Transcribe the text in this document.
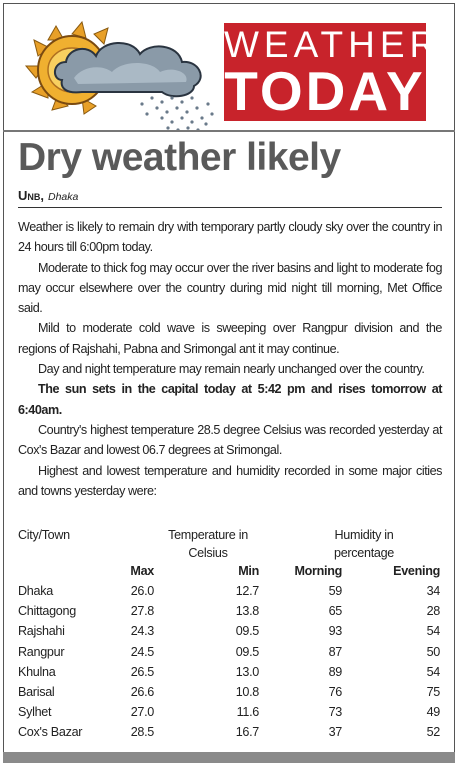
WEATHER
TODAY
Dry weather likely
Unb, Dhaka

Weather is likely to remain dry with temporary partly cloudy sky over the country in 24 hours till 6:00pm today.

Moderate to thick fog may occur over the river basins and light to moderate fog may occur elsewhere over the country during mid night till morning, Met Office said.

Mild to moderate cold wave is sweeping over Rangpur division and the regions of Rajshahi, Pabna and Srimongal ant it may continue.

Day and night temperature may remain nearly unchanged over the country.

The sun sets in the capital today at 5:42 pm and rises tomorrow at 6:40am.

Country's highest temperature 28.5 degree Celsius was recorded yesterday at Cox's Bazar and lowest 06.7 degrees at Srimongal.

Highest and lowest temperature and humidity recorded in some major cities and towns yesterday were:

City/Town	Temperature in
Celsius
Humidity in
percentage
Max	Min	Morning	Evening
Dhaka	26.0	12.7	59	34
Chittagong	27.8	13.8	65	28
Rajshahi	24.3	09.5	93	54
Rangpur	24.5	09.5	87	50
Khulna	26.5	13.0	89	54
Barisal	26.6	10.8	76	75
Sylhet	27.0	11.6	73	49
Cox's Bazar	28.5	16.7	37	52
